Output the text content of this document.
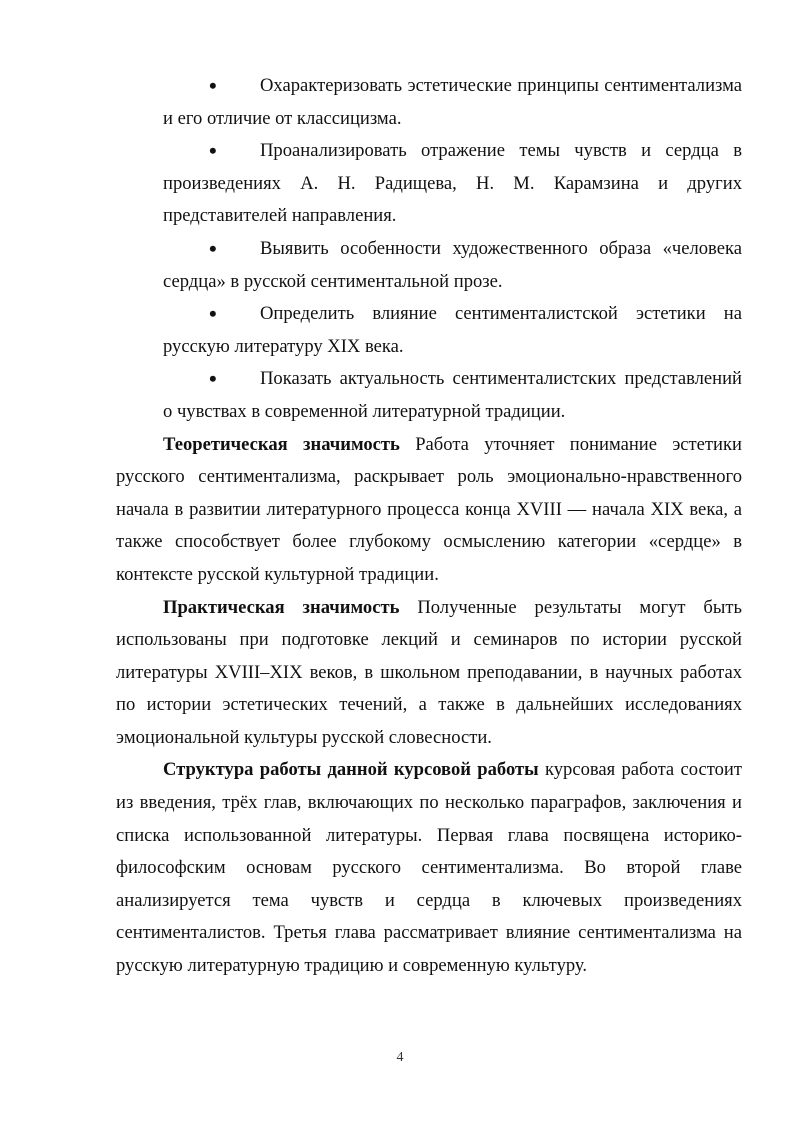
•	Охарактеризовать эстетические принципы сентиментализма и его отличие от классицизма.
•	Проанализировать отражение темы чувств и сердца в произведениях А. Н. Радищева, Н. М. Карамзина и других представителей направления.
•	Выявить особенности художественного образа «человека сердца» в русской сентиментальной прозе.
•	Определить влияние сентименталистской эстетики на русскую литературу XIX века.
•	Показать актуальность сентименталистских представлений о чувствах в современной литературной традиции.

Теоретическая значимость Работа уточняет понимание эстетики русского сентиментализма, раскрывает роль эмоционально-нравственного начала в развитии литературного процесса конца XVIII — начала XIX века, а также способствует более глубокому осмыслению категории «сердце» в контексте русской культурной традиции.

Практическая значимость Полученные результаты могут быть использованы при подготовке лекций и семинаров по истории русской литературы XVIII–XIX веков, в школьном преподавании, в научных работах по истории эстетических течений, а также в дальнейших исследованиях эмоциональной культуры русской словесности.

Структура работы данной курсовой работы курсовая работа состоит из введения, трёх глав, включающих по несколько параграфов, заключения и списка использованной литературы. Первая глава посвящена историко-философским основам русского сентиментализма. Во второй главе анализируется тема чувств и сердца в ключевых произведениях сентименталистов. Третья глава рассматривает влияние сентиментализма на русскую литературную традицию и современную культуру.

4
